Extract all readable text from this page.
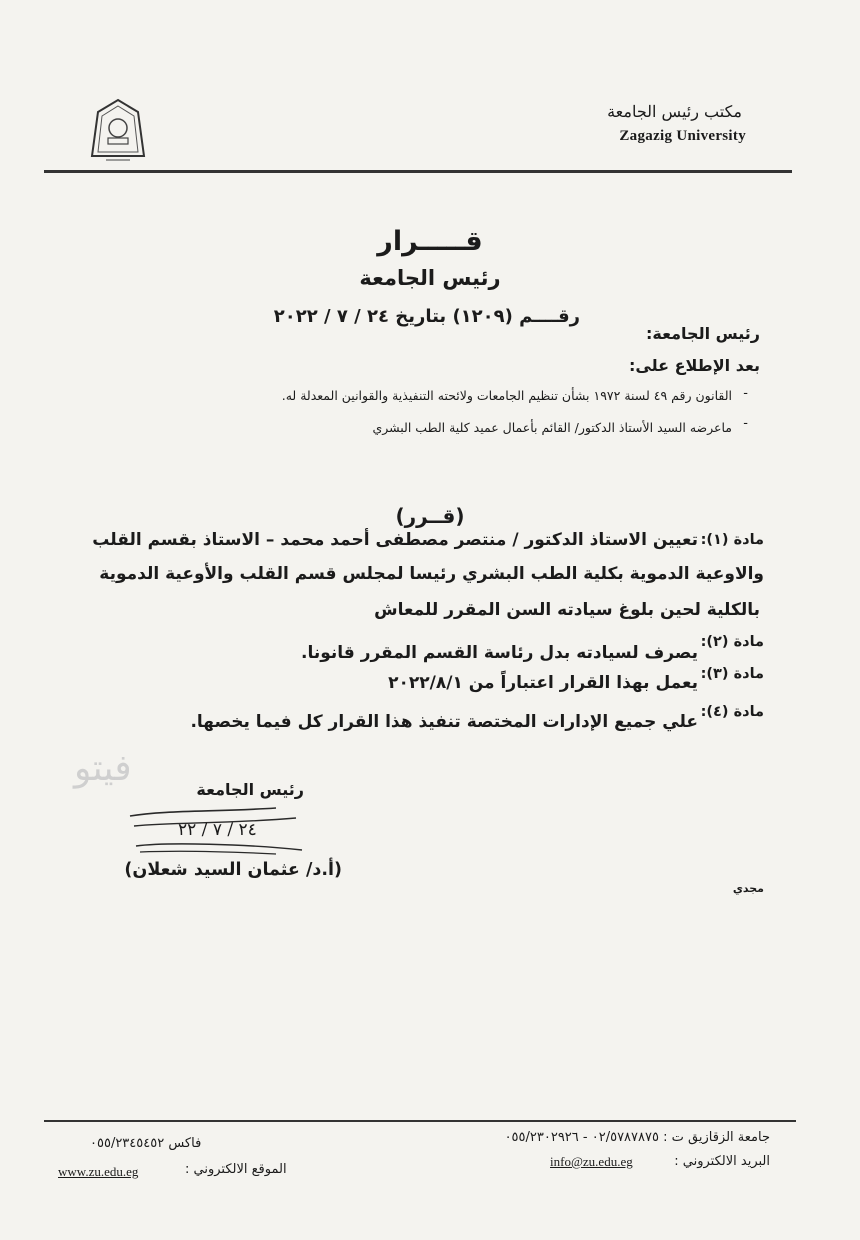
مكتب رئيس الجامعة
Zagazig University
قـــــرار
رئيس الجامعة
رقــــم (١٢٠٩) بتاريخ ٢٤ / ٧ / ٢٠٢٢
رئيس الجامعة:
بعد الإطلاع على:
-
القانون رقم ٤٩ لسنة ١٩٧٢ بشأن تنظيم الجامعات ولائحته التنفيذية والقوانين المعدلة له.
-
ماعرضه السيد الأستاذ الدكتور/ القائم بأعمال عميد كلية الطب البشري
(قــرر)
مادة (١):
تعيين الاستاذ الدكتور / منتصر مصطفى أحمد محمد – الاستاذ بقسم القلب
والاوعية الدموية بكلية الطب البشري رئيسا لمجلس قسم القلب والأوعية الدموية
بالكلية لحين بلوغ سيادته السن المقرر للمعاش
مادة (٢):
يصرف لسيادته بدل رئاسة القسم المقرر قانونا.
مادة (٣):
يعمل بهذا القرار اعتباراً من ٢٠٢٢/٨/١
مادة (٤):
علي جميع الإدارات المختصة تنفيذ هذا القرار كل فيما يخصها.
فيتو
رئيس الجامعة
٢٤ / ٧ / ٢٢
(أ.د/ عثمان السيد شعلان)
مجدي
جامعة الزقازيق ت : ٠٢/٥٧٨٧٨٧٥ - ٠٥٥/٢٣٠٢٩٢٦
فاكس ٠٥٥/٢٣٤٥٤٥٢
البريد الالكتروني :
info@zu.edu.eg
الموقع الالكتروني :
www.zu.edu.eg
